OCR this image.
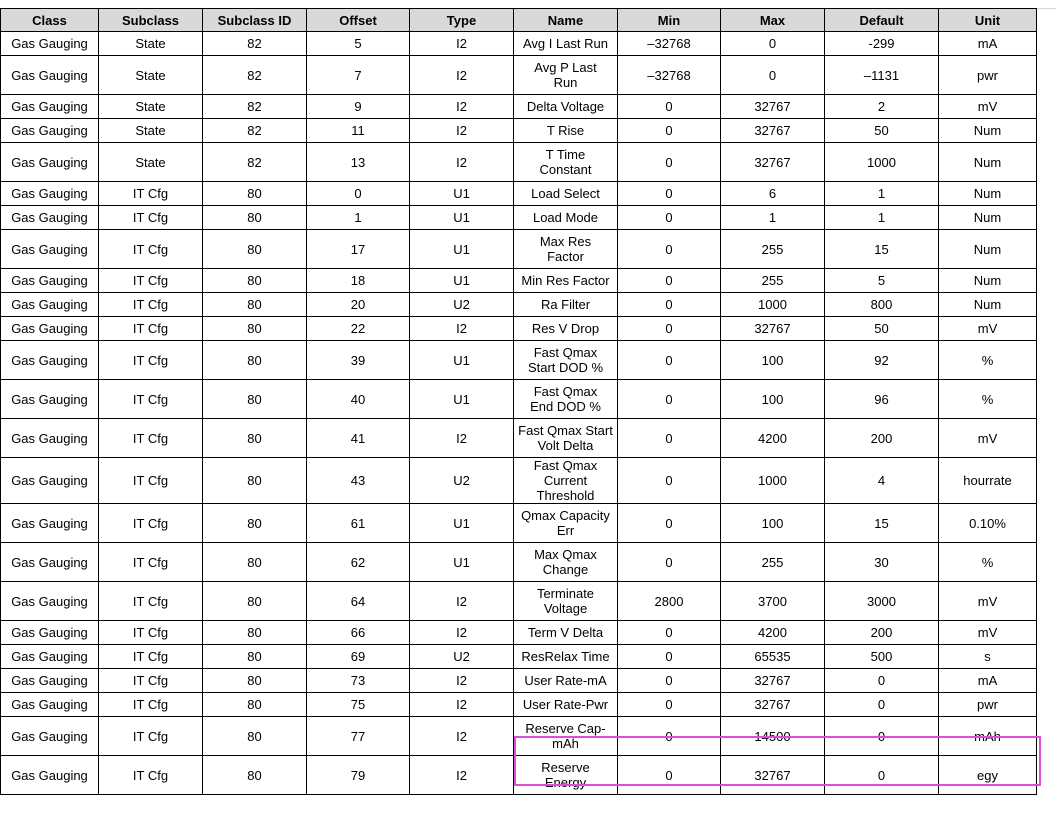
Class	Subclass	Subclass ID	Offset	Type	Name	Min	Max	Default	Unit
Gas Gauging	State	82	5	I2	Avg I Last Run	–32768	0	-299	mA
Gas Gauging	State	82	7	I2	Avg P Last Run	–32768	0	–1131	pwr
Gas Gauging	State	82	9	I2	Delta Voltage	0	32767	2	mV
Gas Gauging	State	82	11	I2	T Rise	0	32767	50	Num
Gas Gauging	State	82	13	I2	T Time Constant	0	32767	1000	Num
Gas Gauging	IT Cfg	80	0	U1	Load Select	0	6	1	Num
Gas Gauging	IT Cfg	80	1	U1	Load Mode	0	1	1	Num
Gas Gauging	IT Cfg	80	17	U1	Max Res Factor	0	255	15	Num
Gas Gauging	IT Cfg	80	18	U1	Min Res Factor	0	255	5	Num
Gas Gauging	IT Cfg	80	20	U2	Ra Filter	0	1000	800	Num
Gas Gauging	IT Cfg	80	22	I2	Res V Drop	0	32767	50	mV
Gas Gauging	IT Cfg	80	39	U1	Fast Qmax Start DOD %	0	100	92	%
Gas Gauging	IT Cfg	80	40	U1	Fast Qmax End DOD %	0	100	96	%
Gas Gauging	IT Cfg	80	41	I2	Fast Qmax Start Volt Delta	0	4200	200	mV
Gas Gauging	IT Cfg	80	43	U2	Fast Qmax Current Threshold	0	1000	4	hourrate
Gas Gauging	IT Cfg	80	61	U1	Qmax Capacity Err	0	100	15	0.10%
Gas Gauging	IT Cfg	80	62	U1	Max Qmax Change	0	255	30	%
Gas Gauging	IT Cfg	80	64	I2	Terminate Voltage	2800	3700	3000	mV
Gas Gauging	IT Cfg	80	66	I2	Term V Delta	0	4200	200	mV
Gas Gauging	IT Cfg	80	69	U2	ResRelax Time	0	65535	500	s
Gas Gauging	IT Cfg	80	73	I2	User Rate-mA	0	32767	0	mA
Gas Gauging	IT Cfg	80	75	I2	User Rate-Pwr	0	32767	0	pwr
Gas Gauging	IT Cfg	80	77	I2	Reserve Cap-mAh	0	14500	0	mAh
Gas Gauging	IT Cfg	80	79	I2	Reserve Energy	0	32767	0	egy
